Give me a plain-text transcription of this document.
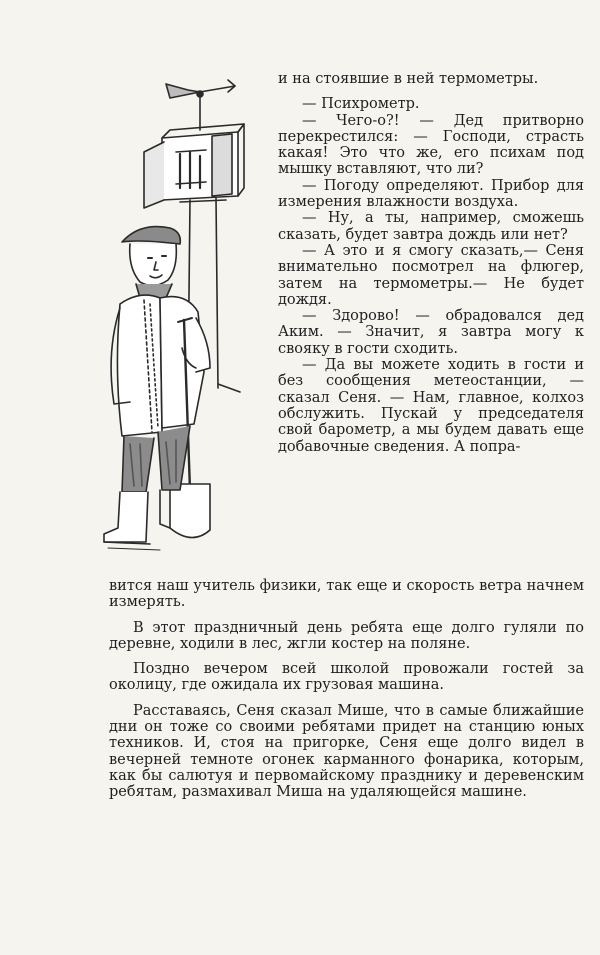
и на стоявшие в ней термометры.

— Психрометр.

— Чего-о?! — Дед притворно перекрестился: — Господи, страсть какая! Это что же, его психам под мышку вставляют, что ли?

— Погоду определяют. Прибор для измерения влажности воздуха.

— Ну, а ты, например, сможешь сказать, будет завтра дождь или нет?

— А это и я смогу сказать,— Сеня внимательно посмотрел на флюгер, затем на термометры.— Не будет дождя.

— Здорово! — обрадовался дед Аким. — Значит, я завтра могу к свояку в гости сходить.

— Да вы можете ходить в гости и без сообщения метеостанции, — сказал Сеня. — Нам, главное, колхоз обслужить. Пускай у председателя свой барометр, а мы будем давать еще добавочные сведения. А попра-

вится наш учитель физики, так еще и скорость ветра начнем измерять.

В этот праздничный день ребята еще долго гуляли по деревне, ходили в лес, жгли костер на поляне.

Поздно вечером всей школой провожали гостей за околицу, где ожидала их грузовая машина.

Расставаясь, Сеня сказал Мише, что в самые ближайшие дни он тоже со своими ребятами придет на станцию юных техников. И, стоя на пригорке, Сеня еще долго видел в вечерней темноте огонек карманного фонарика, которым, как бы салютуя и первомайскому празднику и деревенским ребятам, размахивал Миша на удаляющейся машине.
